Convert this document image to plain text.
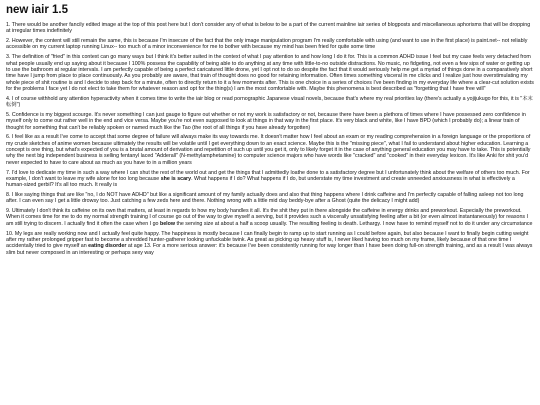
new iair 1.5

1. There would be another fancily edited image at the top of this post here but I don't consider any of what is below to be a part of the current mainline iair series of blogposts and miscellaneous aphorisms that will be dropping at irregular times indefinitely

2. However, the content will still remain the same, this is because I'm insecure of the fact that the only image manipulation program I'm really comfortable with using (and want to use in the first place) is paint.net-- not reliably accessible on my current laptop running Linux-- too much of a minor inconvenience for me to bother with because my mind has been fried for quite some time

3. The definition of "fried" in this context can go many ways but I think it's better suited in the context of what I pay attention to and how long I do it for. This is a common ADHD issue I feel but my case feels very detached from what people usually end up saying about it because I 100% possess the capability of being able to do anything at any time with little-to-no outside distractions. No music, no fidgeting, not even a few sips of water or getting up to use the bathroom at regular intervals. I am perfectly capable of being a perfect caricatured little drone, yet I opt not to do so despite the fact that it would seriously help me get a myriad of things done in a comparatively short time have I jump from place to place continuously. As you probably are aware, that train of thought does no good for retaining information. Often times something visceral in me clicks and I realize just how overstimulating my whole piece of shit routine is and I decide to step back for a minute, often to directly return to it a few moments after. This is one choice in a series of choices I've been finding in my everyday life where a clear-cut solution exists for the problems I face yet I do not elect to take them for whatever reason and opt for the thing(s) I am the most comfortable with. Maybe this phenomena is best described as "forgetting that I have free will"

4. I of course withhold any attention hyperactivity when it comes time to write the iair blog or read pornographic Japanese visual novels, because that's where my real priorities lay (there's actually a yojijukugo for this, it is "本末転倒")

5. Confidence is my biggest scourge. It's never something I can just gauge to figure out whether or not my work is satisfactory or not, because there have been a plethora of times where I have possessed zero confidence in myself only to come out rather well in the end and vice versa. Maybe you're not even supposed to look at things in that way in the first place. It's very black and white, like I have BPD (which I probably do); a linear train of thought for something that can't be reliably spoken or named much like the Tao (the root of all things if you have already forgotten)

6. I feel like as a result I've come to accept that some degree of failure will always make its way towards me. It doesn't matter how I feel about an exam or my reading comprehension in a foreign language or the proportions of my crude sketches of anime women because ultimately the results will be volatile until I get everything down to an exact science. Maybe this is the "missing piece", what I fail to understand about higher education. Learning a concept is one thing, but what's expected of you is a brutal amount of derivation and repetition of such up until you get it, only to likely forget it in the case of anything general education you may have to take. This is potentially why the next big independent business is selling fentanyl laced "Adderall" (N-methylamphetamine) to computer science majors who have words like "cracked" and "cooked" in their everyday lexicon. It's like Anki for shit you'd never expected to have to care about as much as you have to in a million years

7. I'd love to dedicate my time in such a way where I can shut the rest of the world out and get the things that I admittedly loathe done to a satisfactory degree but I unfortunately think about the welfare of others too much. For example, I don't want to leave my wife alone for too long because she is scary. What happens if I do? What happens if I do, but understate my time investment and create unneeded anxiousness in what is effectively a human-sized gerbil? It's all too much. It really is

8. I like saying things that are like "no, I do NOT have ADHD" but like a significant amount of my family actually does and also that thing happens where I drink caffeine and I'm perfectly capable of falling asleep not too long after. I can even say I get a little drowsy too. Just catching a few zeds here and there. Nothing wrong with a little mid day beddy-bye after a Ghost (quite the delicacy I might add)

9. Ultimately I don't think its caffeine on its own that matters, at least in regards to how my body handles it all. It's the shit they put in there alongside the caffeine in energy drinks and preworkout. Especially the preworkout. When it comes time for me to do my normal strength training I of course go out of the way to give myself a serving, but it provides such a viscerally unsatisfying feeling after a bit (or even almost instantaneously) for reasons I am still trying to discern. I actually find it often the case when I go below the serving size at about a half a scoop usually. The resulting feeling is death. Lethargy. I now have to remind myself not to do it under any circumstance

10. My legs are really working now and I actually feel quite happy. The happiness is mostly because I can finally begin to ramp up to start running as I could before again, but also because I want to finally begin cutting weight after my rather prolonged gripper fast to become a shredded hunter-gatherer looking unfuckable twink. As great as picking up heavy stuff is, I never liked having too much on my frame, likely because of that one time I accidentally tried to give myself an eating disorder at age 13. For a more serious answer: it's because I've been consistently running for way longer than I have been doing full-on strength training, and as a result I was always slim but never composed in an interesting or perhaps sexy way
